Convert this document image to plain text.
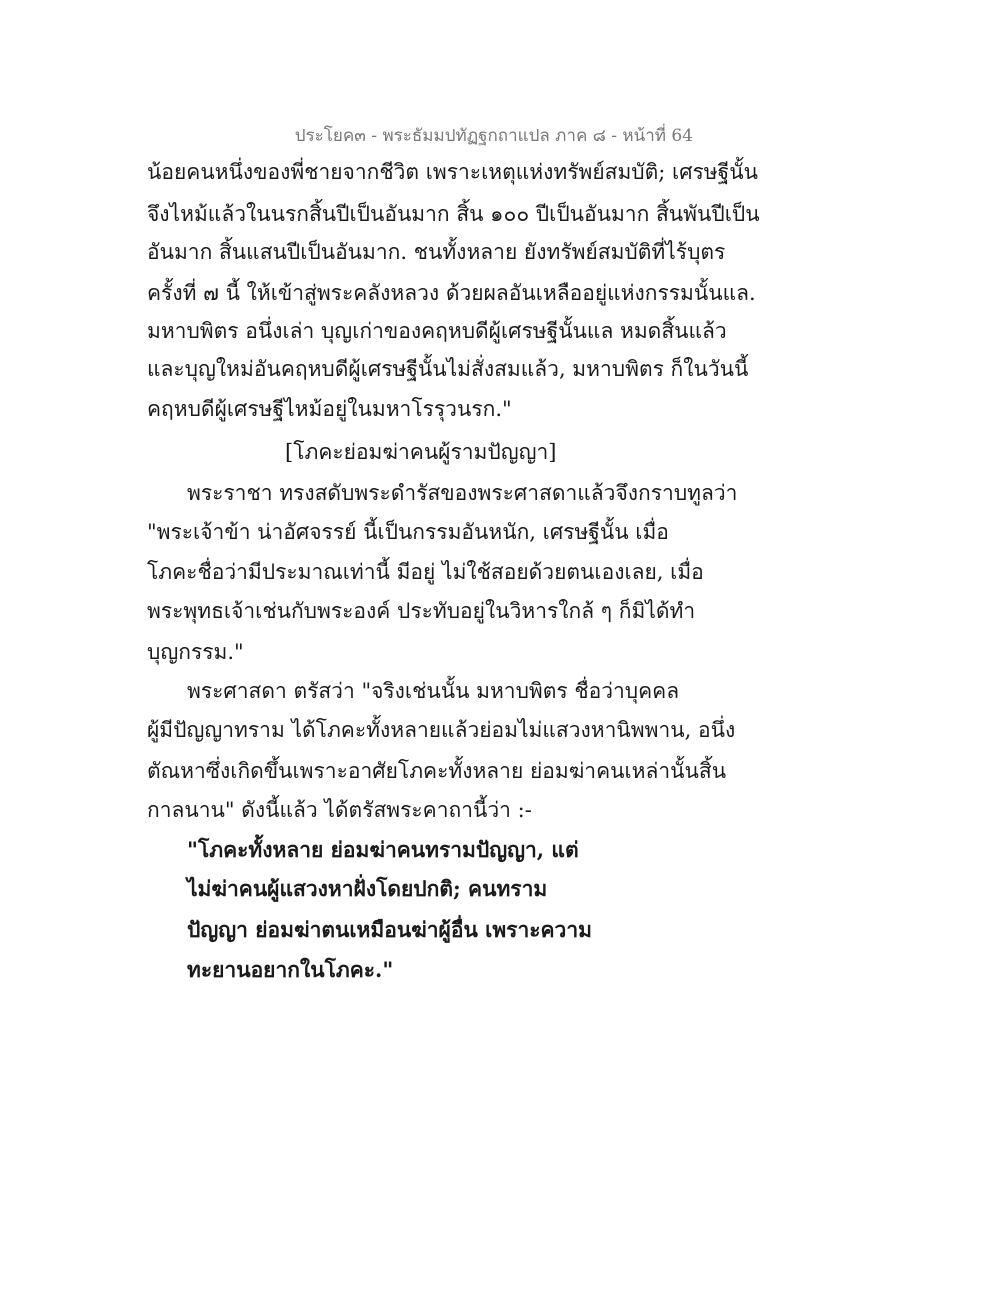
ประโยค๓ - พระธัมมปทัฏฐกถาแปล ภาค ๘ - หน้าที่ 64
น้อยคนหนึ่งของพี่ชายจากชีวิต เพราะเหตุแห่งทรัพย์สมบัติ; เศรษฐีนั้น
จึงไหม้แล้วในนรกสิ้นปีเป็นอันมาก สิ้น ๑๐๐ ปีเป็นอันมาก สิ้นพันปีเป็น
อันมาก สิ้นแสนปีเป็นอันมาก. ชนทั้งหลาย ยังทรัพย์สมบัติที่ไร้บุตร
ครั้งที่ ๗ นี้ ให้เข้าสู่พระคลังหลวง ด้วยผลอันเหลืออยู่แห่งกรรมนั้นแล.
มหาบพิตร อนึ่งเล่า บุญเก่าของคฤหบดีผู้เศรษฐีนั้นแล หมดสิ้นแล้ว
และบุญใหม่อันคฤหบดีผู้เศรษฐีนั้นไม่สั่งสมแล้ว, มหาบพิตร ก็ในวันนี้
คฤหบดีผู้เศรษฐีไหม้อยู่ในมหาโรรุวนรก."
[โภคะย่อมฆ่าคนผู้รามปัญญา]
พระราชา ทรงสดับพระดำรัสของพระศาสดาแล้วจึงกราบทูลว่า
"พระเจ้าข้า น่าอัศจรรย์ นี้เป็นกรรมอันหนัก, เศรษฐีนั้น เมื่อ
โภคะชื่อว่ามีประมาณเท่านี้ มีอยู่ ไม่ใช้สอยด้วยตนเองเลย, เมื่อ
พระพุทธเจ้าเช่นกับพระองค์ ประทับอยู่ในวิหารใกล้ ๆ ก็มิได้ทำ
บุญกรรม."
พระศาสดา ตรัสว่า "จริงเช่นนั้น มหาบพิตร ชื่อว่าบุคคล
ผู้มีปัญญาทราม ได้โภคะทั้งหลายแล้วย่อมไม่แสวงหานิพพาน, อนึ่ง
ตัณหาซึ่งเกิดขึ้นเพราะอาศัยโภคะทั้งหลาย ย่อมฆ่าคนเหล่านั้นสิ้น
กาลนาน" ดังนี้แล้ว ได้ตรัสพระคาถานี้ว่า :-
"โภคะทั้งหลาย ย่อมฆ่าคนทรามปัญญา, แต่
ไม่ฆ่าคนผู้แสวงหาฝั่งโดยปกติ; คนทราม
ปัญญา ย่อมฆ่าตนเหมือนฆ่าผู้อื่น เพราะความ
ทะยานอยากในโภคะ."
